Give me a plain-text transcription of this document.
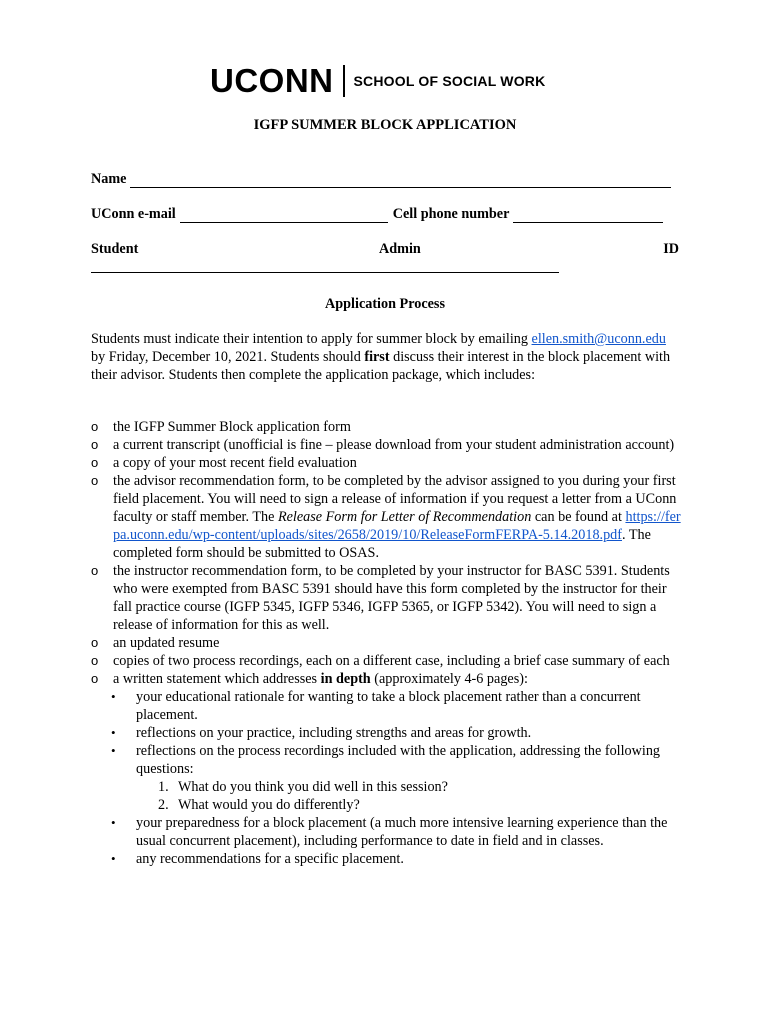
UCONN SCHOOL OF SOCIAL WORK
IGFP SUMMER BLOCK APPLICATION
Name
UConn e-mail	Cell phone number
Student	Admin	ID
Application Process
Students must indicate their intention to apply for summer block by emailing ellen.smith@uconn.edu by Friday, December 10, 2021. Students should first discuss their interest in the block placement with their advisor. Students then complete the application package, which includes:
o the IGFP Summer Block application form
o a current transcript (unofficial is fine – please download from your student administration account)
o a copy of your most recent field evaluation
o the advisor recommendation form, to be completed by the advisor assigned to you during your first field placement. You will need to sign a release of information if you request a letter from a UConn faculty or staff member. The Release Form for Letter of Recommendation can be found at https://ferpa.uconn.edu/wp-content/uploads/sites/2658/2019/10/ReleaseFormFERPA-5.14.2018.pdf. The completed form should be submitted to OSAS.
o the instructor recommendation form, to be completed by your instructor for BASC 5391. Students who were exempted from BASC 5391 should have this form completed by the instructor for their fall practice course (IGFP 5345, IGFP 5346, IGFP 5365, or IGFP 5342). You will need to sign a release of information for this as well.
o an updated resume
o copies of two process recordings, each on a different case, including a brief case summary of each
o a written statement which addresses in depth (approximately 4-6 pages):
• your educational rationale for wanting to take a block placement rather than a concurrent placement.
• reflections on your practice, including strengths and areas for growth.
• reflections on the process recordings included with the application, addressing the following questions:
1. What do you think you did well in this session?
2. What would you do differently?
• your preparedness for a block placement (a much more intensive learning experience than the usual concurrent placement), including performance to date in field and in classes.
• any recommendations for a specific placement.
